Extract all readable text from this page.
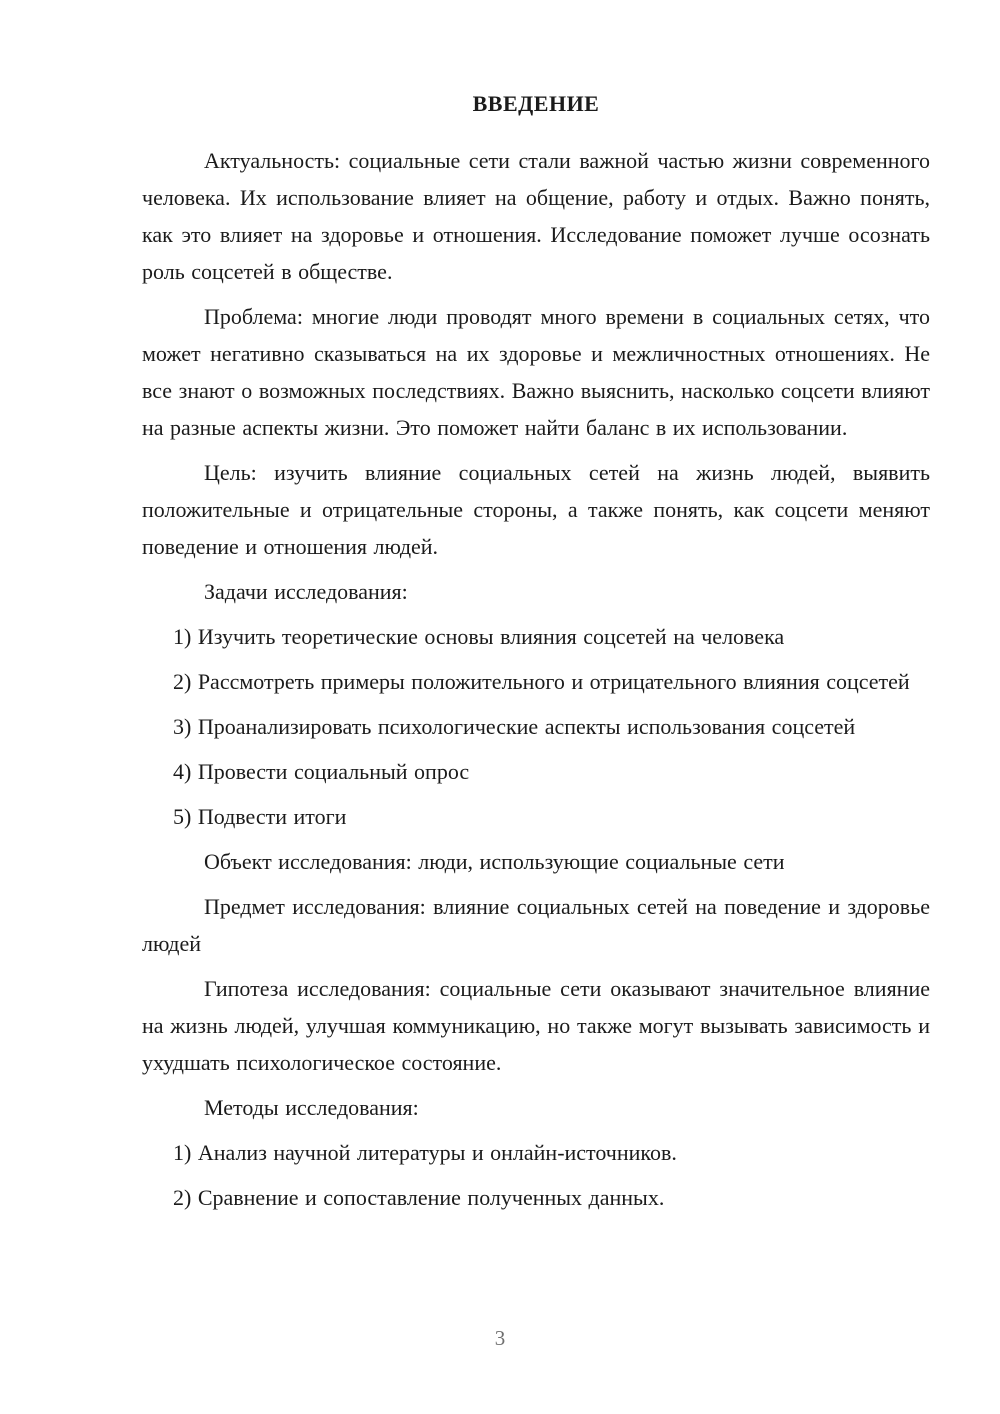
ВВЕДЕНИЕ

Актуальность: социальные сети стали важной частью жизни современного человека. Их использование влияет на общение, работу и отдых. Важно понять, как это влияет на здоровье и отношения. Исследование поможет лучше осознать роль соцсетей в обществе.

Проблема: многие люди проводят много времени в социальных сетях, что может негативно сказываться на их здоровье и межличностных отношениях. Не все знают о возможных последствиях. Важно выяснить, насколько соцсети влияют на разные аспекты жизни. Это поможет найти баланс в их использовании.

Цель: изучить влияние социальных сетей на жизнь людей, выявить положительные и отрицательные стороны, а также понять, как соцсети меняют поведение и отношения людей.

Задачи исследования:

1) Изучить теоретические основы влияния соцсетей на человека

2) Рассмотреть примеры положительного и отрицательного влияния соцсетей

3) Проанализировать психологические аспекты использования соцсетей

4) Провести социальный опрос

5) Подвести итоги

Объект исследования: люди, использующие социальные сети

Предмет исследования: влияние социальных сетей на поведение и здоровье людей

Гипотеза исследования: социальные сети оказывают значительное влияние на жизнь людей, улучшая коммуникацию, но также могут вызывать зависимость и ухудшать психологическое состояние.

Методы исследования:

1) Анализ научной литературы и онлайн-источников.

2) Сравнение и сопоставление полученных данных.

3
